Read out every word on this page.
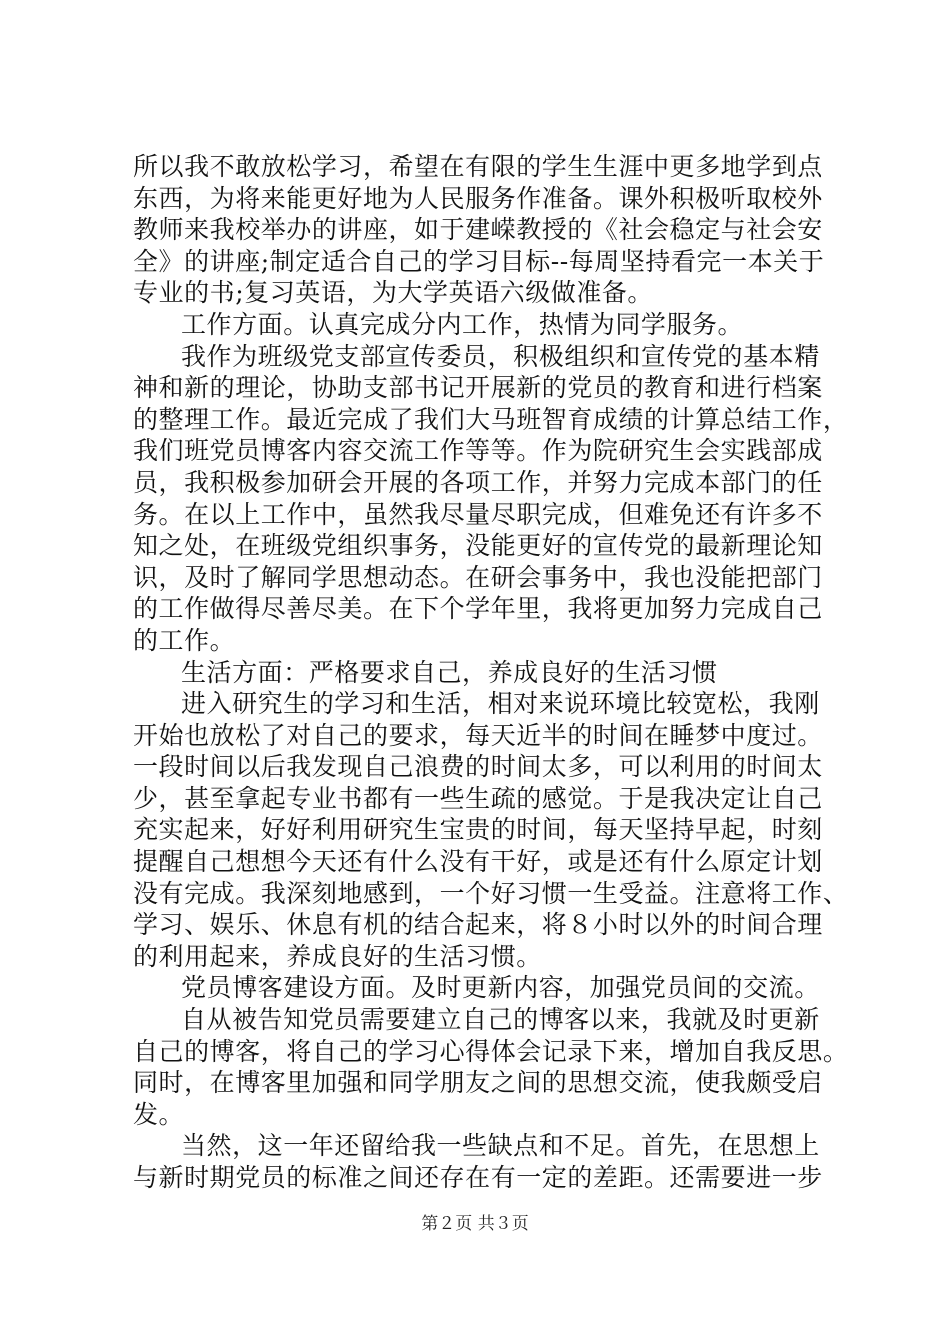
所以我不敢放松学习，希望在有限的学生生涯中更多地学到点
东西，为将来能更好地为人民服务作准备。课外积极听取校外
教师来我校举办的讲座，如于建嵘教授的《社会稳定与社会安
全》的讲座;制定适合自己的学习目标--每周坚持看完一本关于
专业的书;复习英语，为大学英语六级做准备。
工作方面。认真完成分内工作，热情为同学服务。
我作为班级党支部宣传委员，积极组织和宣传党的基本精
神和新的理论，协助支部书记开展新的党员的教育和进行档案
的整理工作。最近完成了我们大马班智育成绩的计算总结工作，
我们班党员博客内容交流工作等等。作为院研究生会实践部成
员，我积极参加研会开展的各项工作，并努力完成本部门的任
务。在以上工作中，虽然我尽量尽职完成，但难免还有许多不
知之处，在班级党组织事务，没能更好的宣传党的最新理论知
识，及时了解同学思想动态。在研会事务中，我也没能把部门
的工作做得尽善尽美。在下个学年里，我将更加努力完成自己
的工作。
生活方面：严格要求自己，养成良好的生活习惯
进入研究生的学习和生活，相对来说环境比较宽松，我刚
开始也放松了对自己的要求，每天近半的时间在睡梦中度过。
一段时间以后我发现自己浪费的时间太多，可以利用的时间太
少，甚至拿起专业书都有一些生疏的感觉。于是我决定让自己
充实起来，好好利用研究生宝贵的时间，每天坚持早起，时刻
提醒自己想想今天还有什么没有干好，或是还有什么原定计划
没有完成。我深刻地感到，一个好习惯一生受益。注意将工作、
学习、娱乐、休息有机的结合起来，将８小时以外的时间合理
的利用起来，养成良好的生活习惯。
党员博客建设方面。及时更新内容，加强党员间的交流。
自从被告知党员需要建立自己的博客以来，我就及时更新
自己的博客，将自己的学习心得体会记录下来，增加自我反思。
同时，在博客里加强和同学朋友之间的思想交流，使我颇受启
发。
当然，这一年还留给我一些缺点和不足。首先，在思想上
与新时期党员的标准之间还存在有一定的差距。还需要进一步
第２页 共３页
